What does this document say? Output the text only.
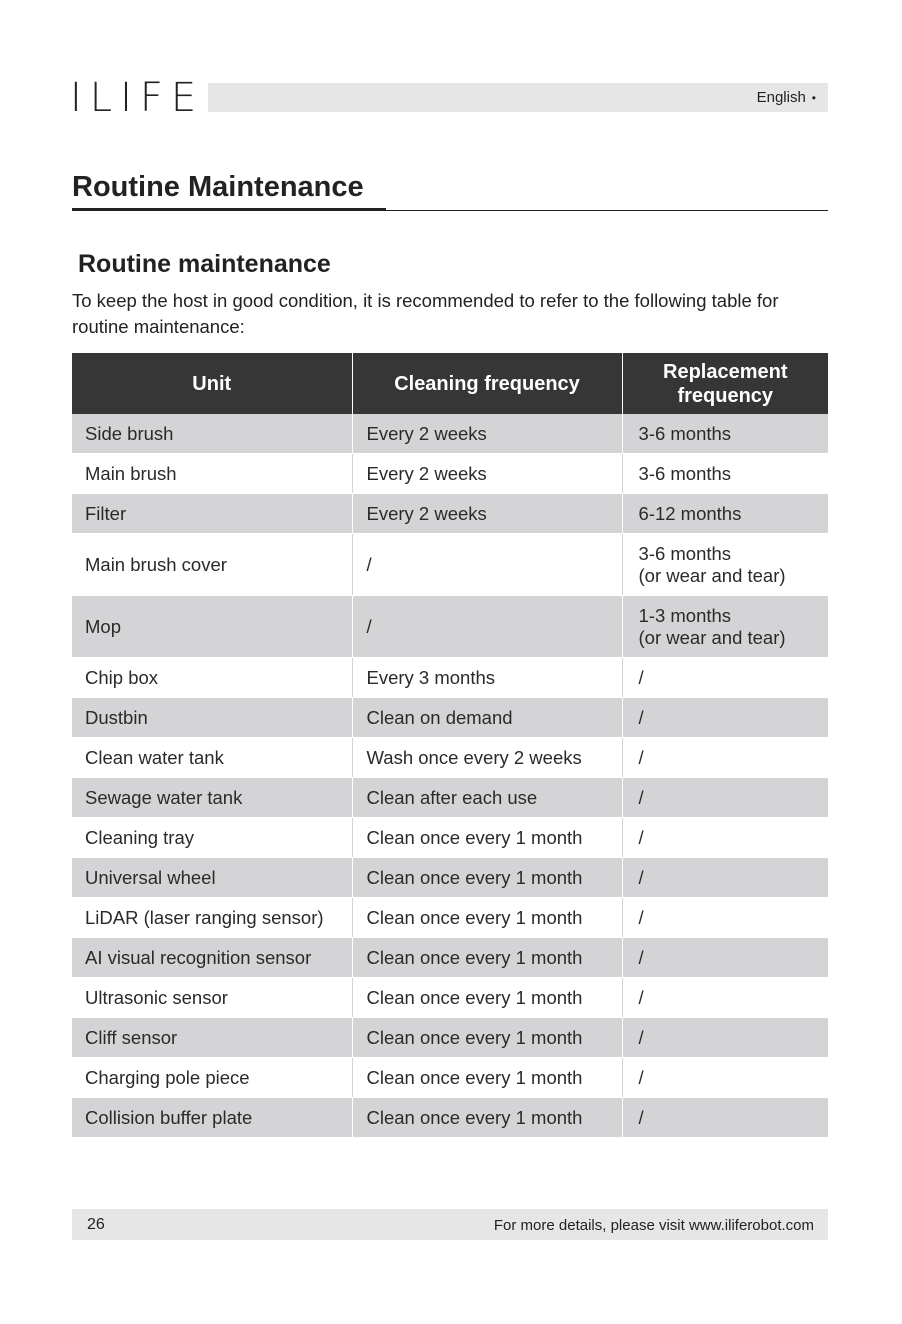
ILIFE	English •
Routine Maintenance
Routine maintenance
To keep the host in good condition, it is recommended to refer to the following table for routine maintenance:
Unit	Cleaning frequency	Replacement frequency
Side brush	Every 2 weeks	3-6 months

Main brush	Every 2 weeks	3-6 months

Filter	Every 2 weeks	6-12 months

Main brush cover	/	3-6 months
(or wear and tear)

Mop	/	1-3 months
(or wear and tear)

Chip box	Every 3 months	/

Dustbin	Clean on demand	/

Clean water tank	Wash once every 2 weeks	/

Sewage water tank	Clean after each use	/

Cleaning tray	Clean once every 1 month	/

Universal wheel	Clean once every 1 month	/

LiDAR (laser ranging sensor)	Clean once every 1 month	/

AI visual recognition sensor	Clean once every 1 month	/

Ultrasonic sensor	Clean once every 1 month	/

Cliff sensor	Clean once every 1 month	/

Charging pole piece	Clean once every 1 month	/

Collision buffer plate	Clean once every 1 month	/
26	For more details, please visit www.iliferobot.com
